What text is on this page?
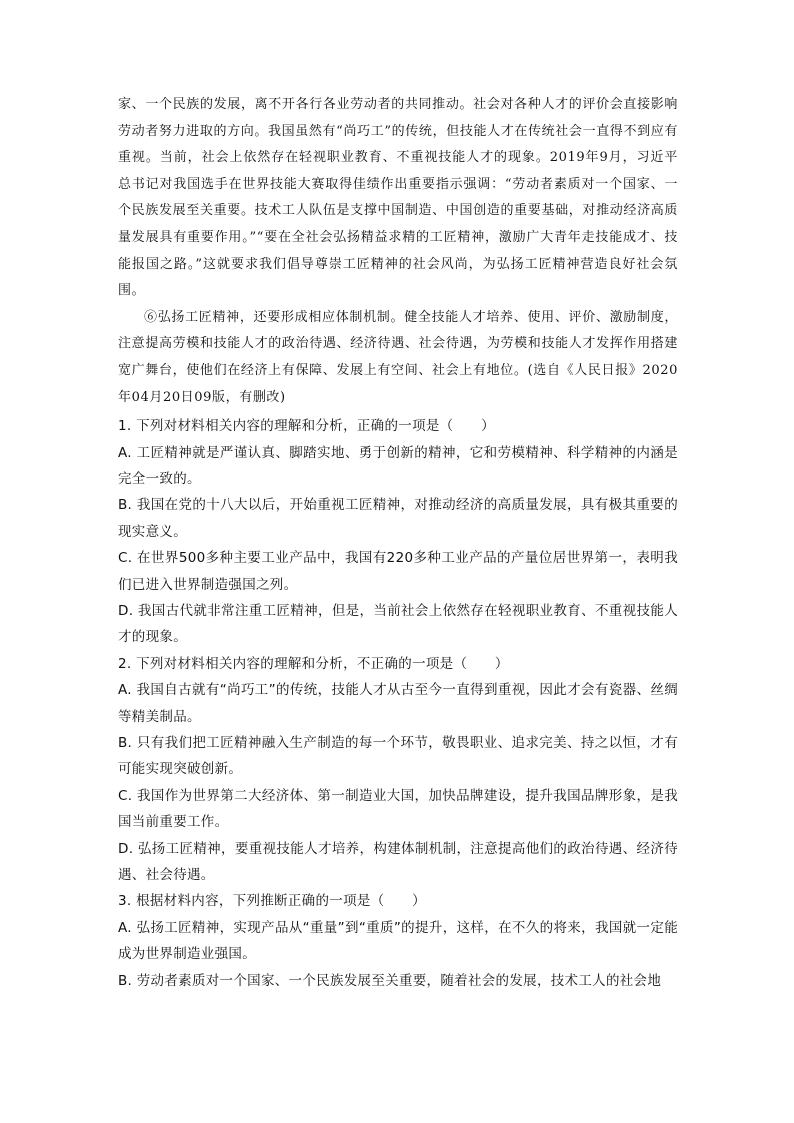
家、一个民族的发展，离不开各行各业劳动者的共同推动。社会对各种人才的评价会直接影响劳动者努力进取的方向。我国虽然有“尚巧工”的传统，但技能人才在传统社会一直得不到应有重视。当前，社会上依然存在轻视职业教育、不重视技能人才的现象。2019年9月，习近平总书记对我国选手在世界技能大赛取得佳绩作出重要指示强调：“劳动者素质对一个国家、一个民族发展至关重要。技术工人队伍是支撑中国制造、中国创造的重要基础，对推动经济高质量发展具有重要作用。”“要在全社会弘扬精益求精的工匠精神，激励广大青年走技能成才、技能报国之路。”这就要求我们倡导尊崇工匠精神的社会风尚，为弘扬工匠精神营造良好社会氛围。

⑥弘扬工匠精神，还要形成相应体制机制。健全技能人才培养、使用、评价、激励制度，注意提高劳模和技能人才的政治待遇、经济待遇、社会待遇，为劳模和技能人才发挥作用搭建宽广舞台，使他们在经济上有保障、发展上有空间、社会上有地位。(选自《人民日报》2020年04月20日09版，有删改)

1. 下列对材料相关内容的理解和分析，正确的一项是（　　）

A. 工匠精神就是严谨认真、脚踏实地、勇于创新的精神，它和劳模精神、科学精神的内涵是完全一致的。

B. 我国在党的十八大以后，开始重视工匠精神，对推动经济的高质量发展，具有极其重要的现实意义。

C. 在世界500多种主要工业产品中，我国有220多种工业产品的产量位居世界第一，表明我们已进入世界制造强国之列。

D. 我国古代就非常注重工匠精神，但是，当前社会上依然存在轻视职业教育、不重视技能人才的现象。

2. 下列对材料相关内容的理解和分析，不正确的一项是（　　）

A. 我国自古就有“尚巧工”的传统，技能人才从古至今一直得到重视，因此才会有瓷器、丝绸等精美制品。

B. 只有我们把工匠精神融入生产制造的每一个环节，敬畏职业、追求完美、持之以恒，才有可能实现突破创新。

C. 我国作为世界第二大经济体、第一制造业大国，加快品牌建设，提升我国品牌形象，是我国当前重要工作。

D. 弘扬工匠精神，要重视技能人才培养，构建体制机制，注意提高他们的政治待遇、经济待遇、社会待遇。

3. 根据材料内容，下列推断正确的一项是（　　）

A. 弘扬工匠精神，实现产品从“重量”到“重质”的提升，这样，在不久的将来，我国就一定能成为世界制造业强国。

B. 劳动者素质对一个国家、一个民族发展至关重要，随着社会的发展，技术工人的社会地
